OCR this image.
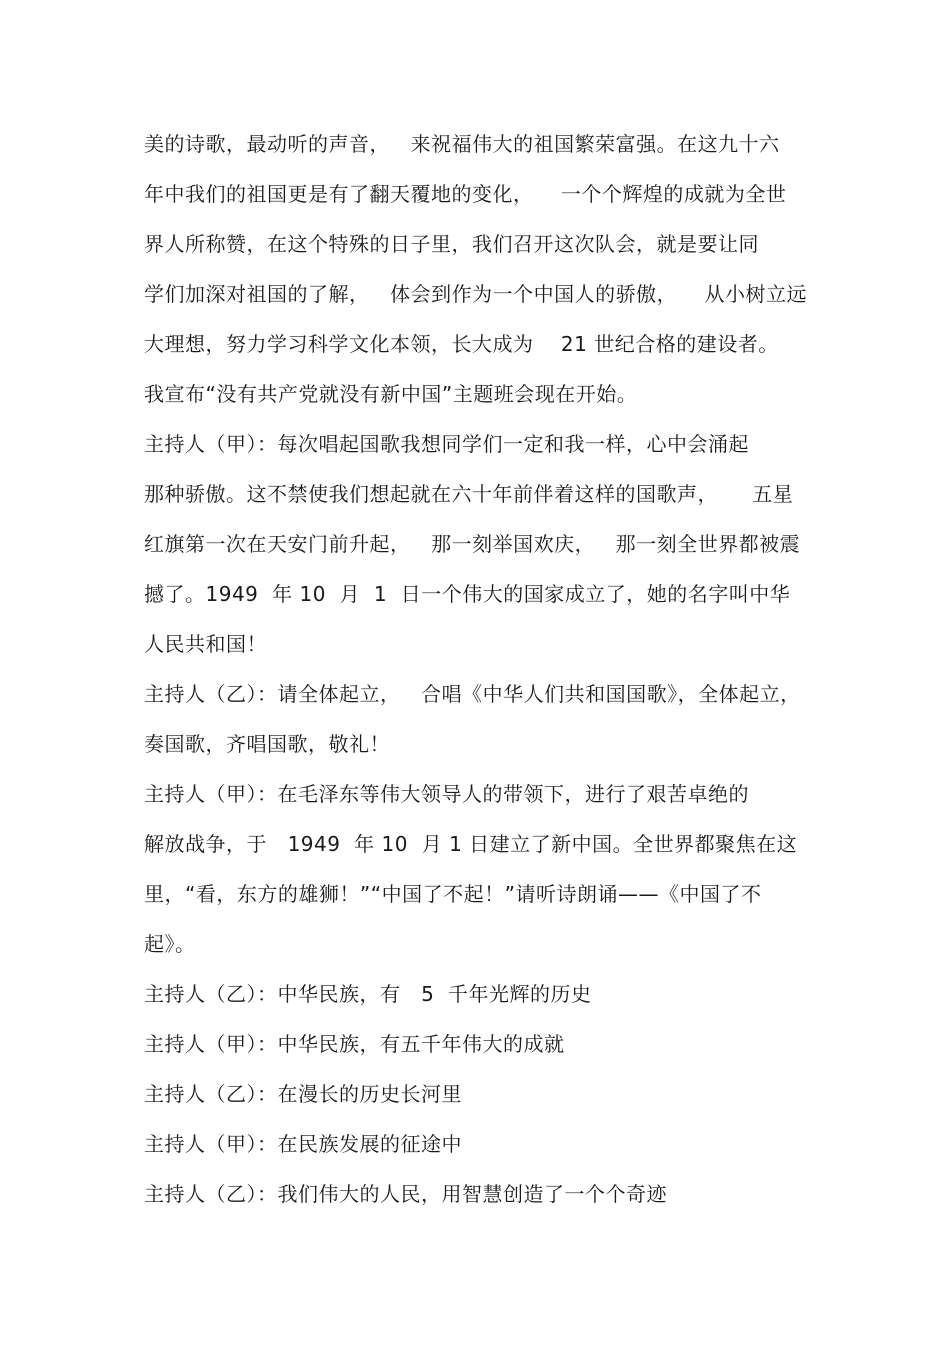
美的诗歌，最动听的声音，   来祝福伟大的祖国繁荣富强。在这九十六
年中我们的祖国更是有了翻天覆地的变化，    一个个辉煌的成就为全世
界人所称赞，在这个特殊的日子里，我们召开这次队会，就是要让同
学们加深对祖国的了解，   体会到作为一个中国人的骄傲，    从小树立远
大理想，努力学习科学文化本领，长大成为    21 世纪合格的建设者。
我宣布“没有共产党就没有新中国”主题班会现在开始。
主持人（甲）：每次唱起国歌我想同学们一定和我一样，心中会涌起
那种骄傲。这不禁使我们想起就在六十年前伴着这样的国歌声，     五星
红旗第一次在天安门前升起，   那一刻举国欢庆，   那一刻全世界都被震
撼了。1949  年 10  月  1  日一个伟大的国家成立了，她的名字叫中华
人民共和国！
主持人（乙）：请全体起立，   合唱《中华人们共和国国歌》，全体起立，
奏国歌，齐唱国歌，敬礼！
主持人（甲）：在毛泽东等伟大领导人的带领下，进行了艰苦卓绝的
解放战争，于   1949  年 10  月 1 日建立了新中国。全世界都聚焦在这
里，“看，东方的雄狮！”“中国了不起！”请听诗朗诵——《中国了不
起》。
主持人（乙）：中华民族，有   5  千年光辉的历史
主持人（甲）：中华民族，有五千年伟大的成就
主持人（乙）：在漫长的历史长河里
主持人（甲）：在民族发展的征途中
主持人（乙）：我们伟大的人民，用智慧创造了一个个奇迹
